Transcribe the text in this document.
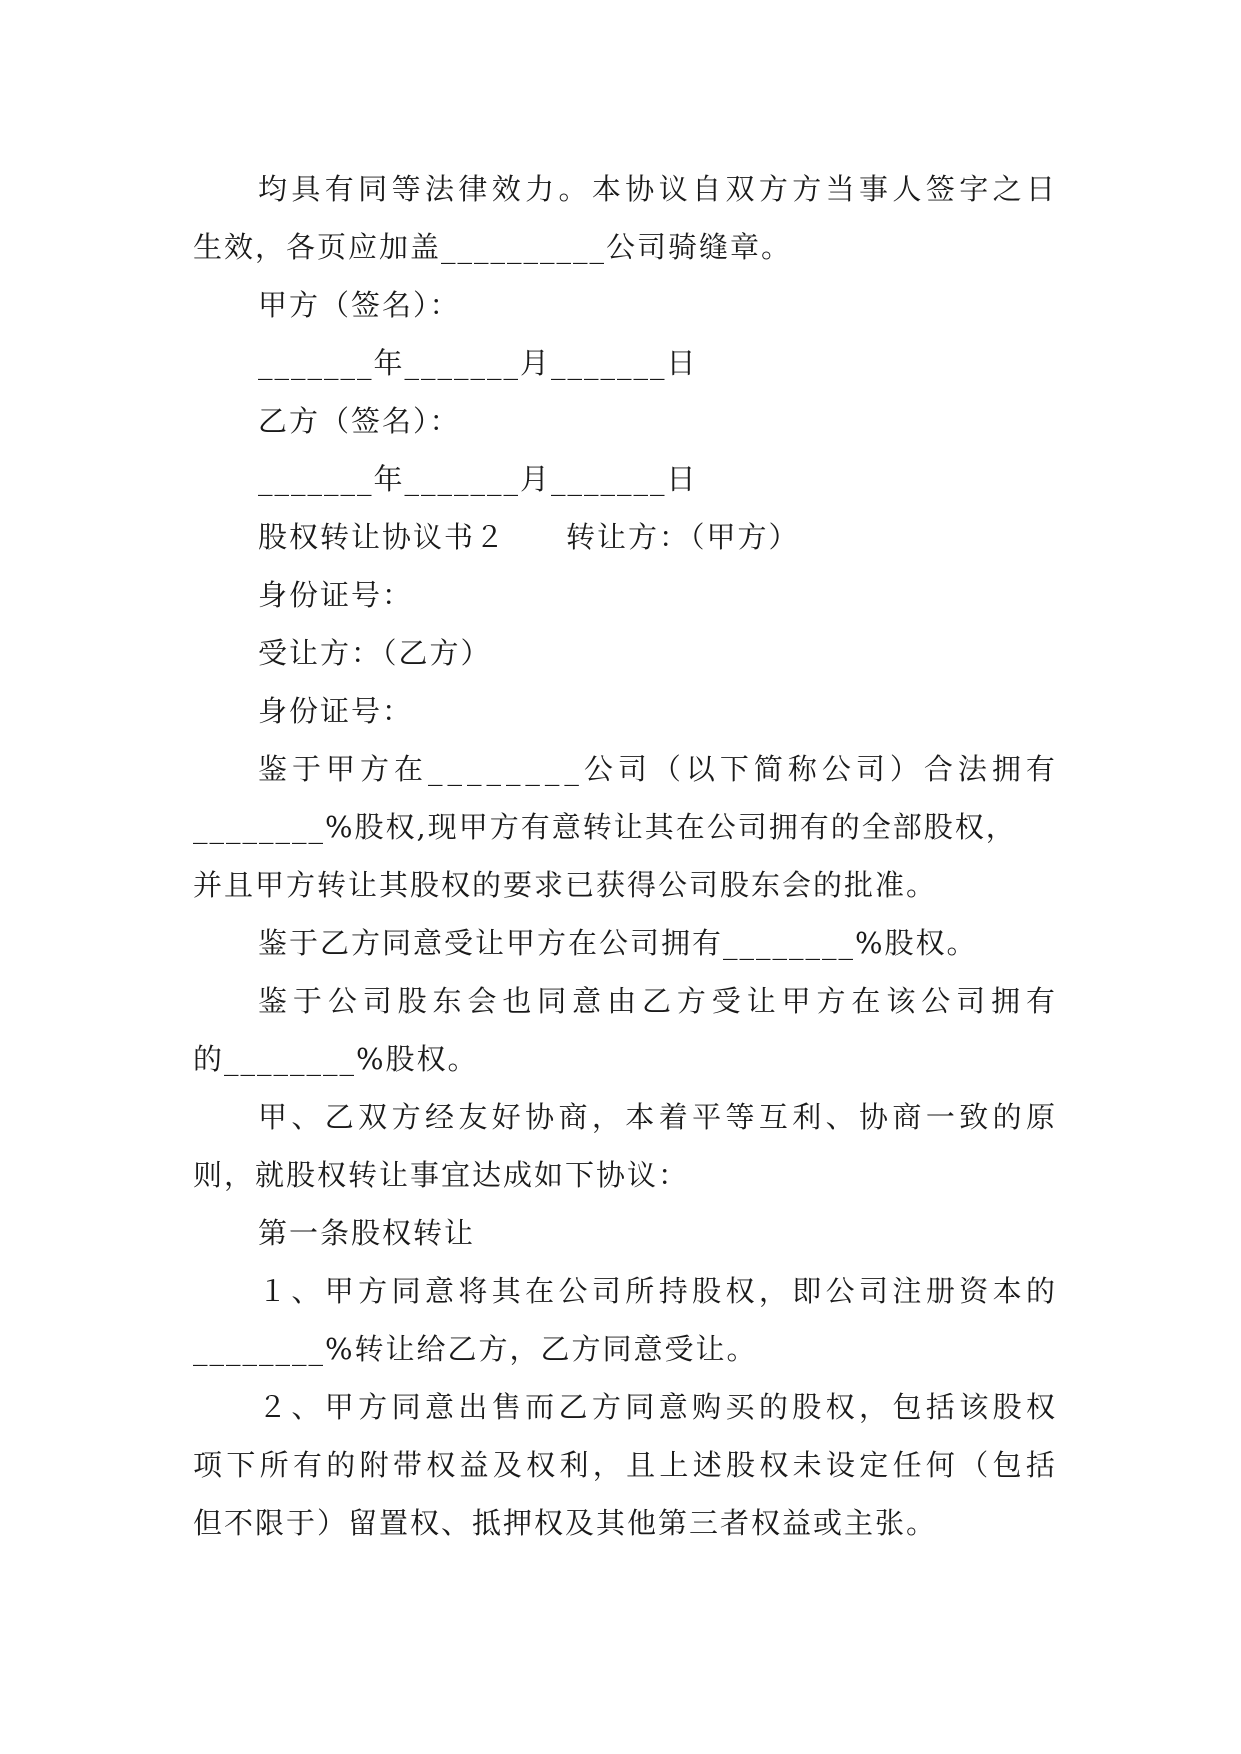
均 具 有 同 等 法 律 效 力 。 本 协 议 自 双 方 方 当 事 人 签 字 之 日
生效，各页应加盖__________公司骑缝章。
甲方（签名）：
_______年_______月_______日
乙方（签名）：
_______年_______月_______日
股权转让协议书２ 转让方：（甲方）
身份证号：
受让方：（乙方）
身份证号：
鉴 于 甲 方 在 _ _ _ _ _ _ _ _ 公 司 （ 以 下 简 称 公 司 ） 合 法 拥 有
________%股权,现甲方有意转让其在公司拥有的全部股权，
并且甲方转让其股权的要求已获得公司股东会的批准。
鉴于乙方同意受让甲方在公司拥有________%股权。
鉴 于 公 司 股 东 会 也 同 意 由 乙 方 受 让 甲 方 在 该 公 司 拥 有
的________%股权。
甲 、 乙 双 方 经 友 好 协 商 ， 本 着 平 等 互 利 、 协 商 一 致 的 原
则，就股权转让事宜达成如下协议：
第一条股权转让
１ 、 甲 方 同 意 将 其 在 公 司 所 持 股 权 ， 即 公 司 注 册 资 本 的
________%转让给乙方，乙方同意受让。
２ 、 甲 方 同 意 出 售 而 乙 方 同 意 购 买 的 股 权 ， 包 括 该 股 权
项 下 所 有 的 附 带 权 益 及 权 利 ， 且 上 述 股 权 未 设 定 任 何 （ 包 括
但不限于）留置权、抵押权及其他第三者权益或主张。
